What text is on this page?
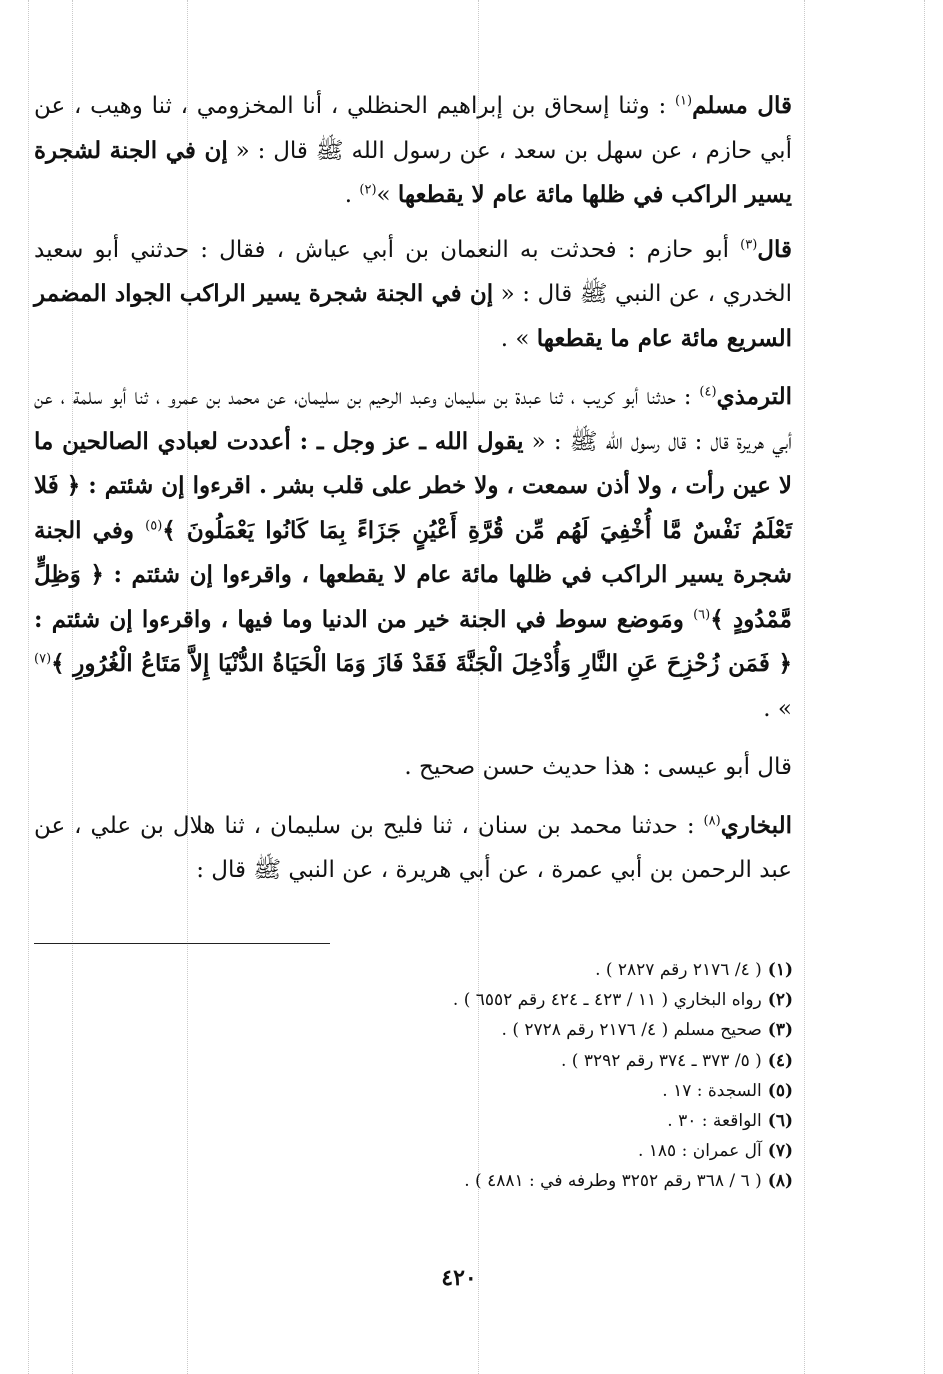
قال مسلم$^{(١)}$ : وثنا إسحاق بن إبراهيم الحنظلي ، أنا المخزومي ، ثنا وهيب ، عن أبي حازم ، عن سهل بن سعد ، عن رسول الله ﷺ قال : « إن في الجنة لشجرة يسير الراكب في ظلها مائة عام لا يقطعها »$^{(٢)}$ .

قال$^{(٣)}$ أبو حازم : فحدثت به النعمان بن أبي عياش ، فقال : حدثني أبو سعيد الخدري ، عن النبي ﷺ قال : « إن في الجنة شجرة يسير الراكب الجواد المضمر السريع مائة عام ما يقطعها » .

الترمذي$^{(٤)}$ : حدثنا أبو كريب ، ثنا عبدة بن سليمان وعبد الرحيم بن سليمان، عن محمد بن عمرو ، ثنا أبو سلمة ، عن أبي هريرة قال : قال رسول الله ﷺ : « يقول الله ـ عز وجل ـ : أعددت لعبادي الصالحين ما لا عين رأت ، ولا أذن سمعت ، ولا خطر على قلب بشر . اقرءوا إن شئتم : ﴿ فَلا تَعْلَمُ نَفْسٌ مَّا أُخْفِيَ لَهُم مِّن قُرَّةِ أَعْيُنٍ جَزَاءً بِمَا كَانُوا يَعْمَلُونَ ﴾$^{(٥)}$ وفي الجنة شجرة يسير الراكب في ظلها مائة عام لا يقطعها ، واقرءوا إن شئتم : ﴿ وَظِلٍّ مَّمْدُودٍ ﴾$^{(٦)}$ ومَوضع سوط في الجنة خير من الدنيا وما فيها ، واقرءوا إن شئتم : ﴿ فَمَن زُحْزِحَ عَنِ النَّارِ وَأُدْخِلَ الْجَنَّةَ فَقَدْ فَازَ وَمَا الْحَيَاةُ الدُّنْيَا إِلاَّ مَتَاعُ الْغُرُورِ ﴾$^{(٧)}$ » .

قال أبو عيسى : هذا حديث حسن صحيح .

البخاري$^{(٨)}$ : حدثنا محمد بن سنان ، ثنا فليح بن سليمان ، ثنا هلال بن علي ، عن عبد الرحمن بن أبي عمرة ، عن أبي هريرة ، عن النبي ﷺ قال :

(١)( ٤/ ٢١٧٦ رقم ٢٨٢٧ ) .
(٢)رواه البخاري ( ١١ / ٤٢٣ ـ ٤٢٤ رقم ٦٥٥٢ ) .
(٣)صحيح مسلم ( ٤/ ٢١٧٦ رقم ٢٧٢٨ ) .
(٤)( ٥/ ٣٧٣ ـ ٣٧٤ رقم ٣٢٩٢ ) .
(٥)السجدة : ١٧ .
(٦)الواقعة : ٣٠ .
(٧)آل عمران : ١٨٥ .
(٨)( ٦ / ٣٦٨ رقم ٣٢٥٢ وطرفه في : ٤٨٨١ ) .
٤٢٠
